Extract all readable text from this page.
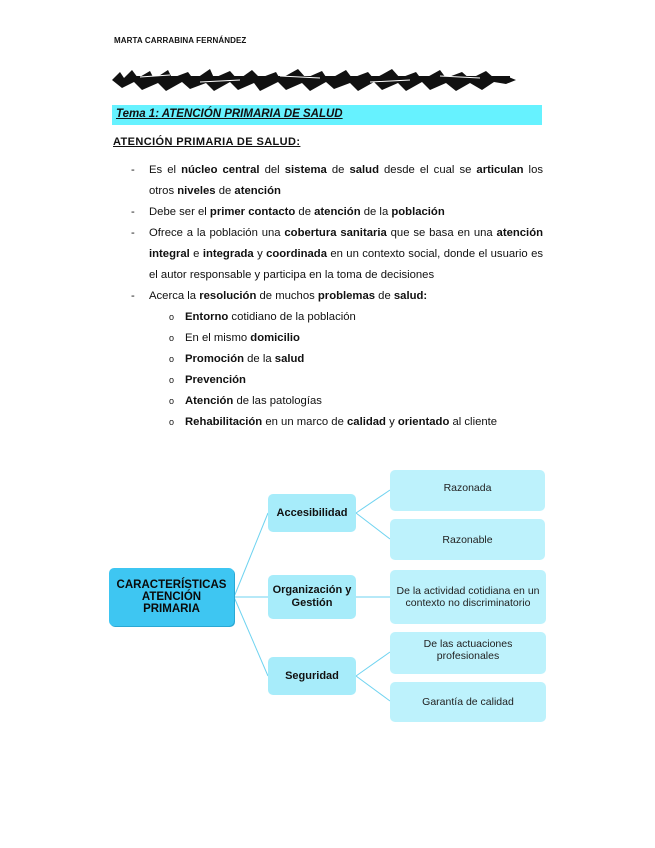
MARTA CARRABINA FERNÁNDEZ
Tema 1: ATENCIÓN PRIMARIA DE SALUD
ATENCIÓN PRIMARIA DE SALUD:
- Es el núcleo central del sistema de salud desde el cual se articulan los otros niveles de atención
- Debe ser el primer contacto de atención de la población
- Ofrece a la población una cobertura sanitaria que se basa en una atención integral e integrada y coordinada en un contexto social, donde el usuario es el autor responsable y participa en la toma de decisiones
- Acerca la resolución de muchos problemas de salud:
o Entorno cotidiano de la población
o En el mismo domicilio
o Promoción de la salud
o Prevención
o Atención de las patologías
o Rehabilitación en un marco de calidad y orientado al cliente
CARACTERÍSTICAS
ATENCIÓN
PRIMARIA
Accesibilidad
Organización y Gestión
Seguridad
Razonada
Razonable
De la actividad cotidiana en un contexto no discriminatorio
De las actuaciones profesionales
Garantía de calidad
